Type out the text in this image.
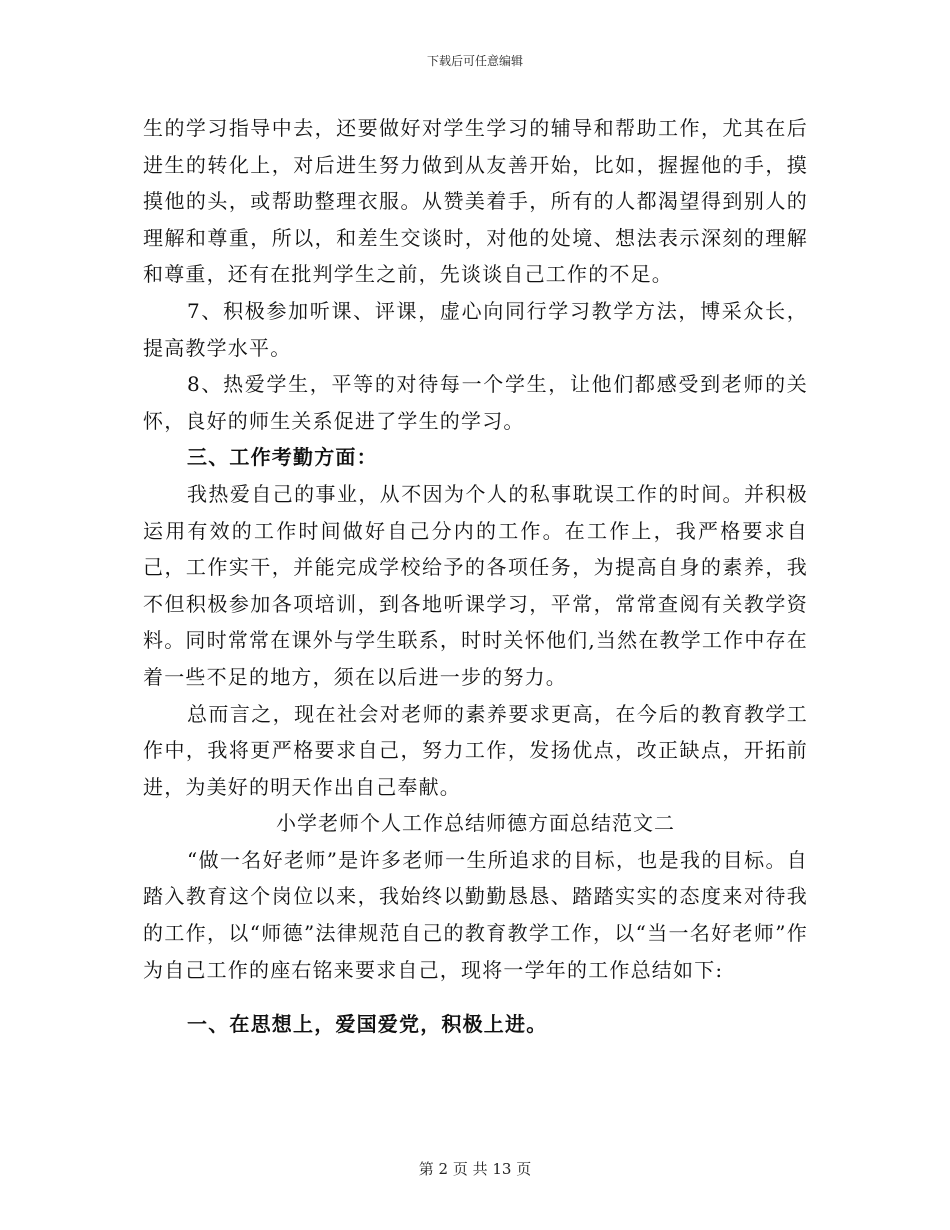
下载后可任意编辑

生的学习指导中去，还要做好对学生学习的辅导和帮助工作，尤其在后进生的转化上，对后进生努力做到从友善开始，比如，握握他的手，摸摸他的头，或帮助整理衣服。从赞美着手，所有的人都渴望得到别人的理解和尊重，所以，和差生交谈时，对他的处境、想法表示深刻的理解和尊重，还有在批判学生之前，先谈谈自己工作的不足。

7、积极参加听课、评课，虚心向同行学习教学方法，博采众长，提高教学水平。

8、热爱学生，平等的对待每一个学生，让他们都感受到老师的关怀，良好的师生关系促进了学生的学习。

三、工作考勤方面：

我热爱自己的事业，从不因为个人的私事耽误工作的时间。并积极运用有效的工作时间做好自己分内的工作。在工作上，我严格要求自己，工作实干，并能完成学校给予的各项任务，为提高自身的素养，我不但积极参加各项培训，到各地听课学习，平常，常常查阅有关教学资料。同时常常在课外与学生联系，时时关怀他们,当然在教学工作中存在着一些不足的地方，须在以后进一步的努力。

总而言之，现在社会对老师的素养要求更高，在今后的教育教学工作中，我将更严格要求自己，努力工作，发扬优点，改正缺点，开拓前进，为美好的明天作出自己奉献。

小学老师个人工作总结师德方面总结范文二

“做一名好老师”是许多老师一生所追求的目标，也是我的目标。自踏入教育这个岗位以来，我始终以勤勤恳恳、踏踏实实的态度来对待我的工作，以“师德”法律规范自己的教育教学工作，以“当一名好老师”作为自己工作的座右铭来要求自己，现将一学年的工作总结如下:

一、在思想上，爱国爱党，积极上进。

第 2 页 共 13 页
